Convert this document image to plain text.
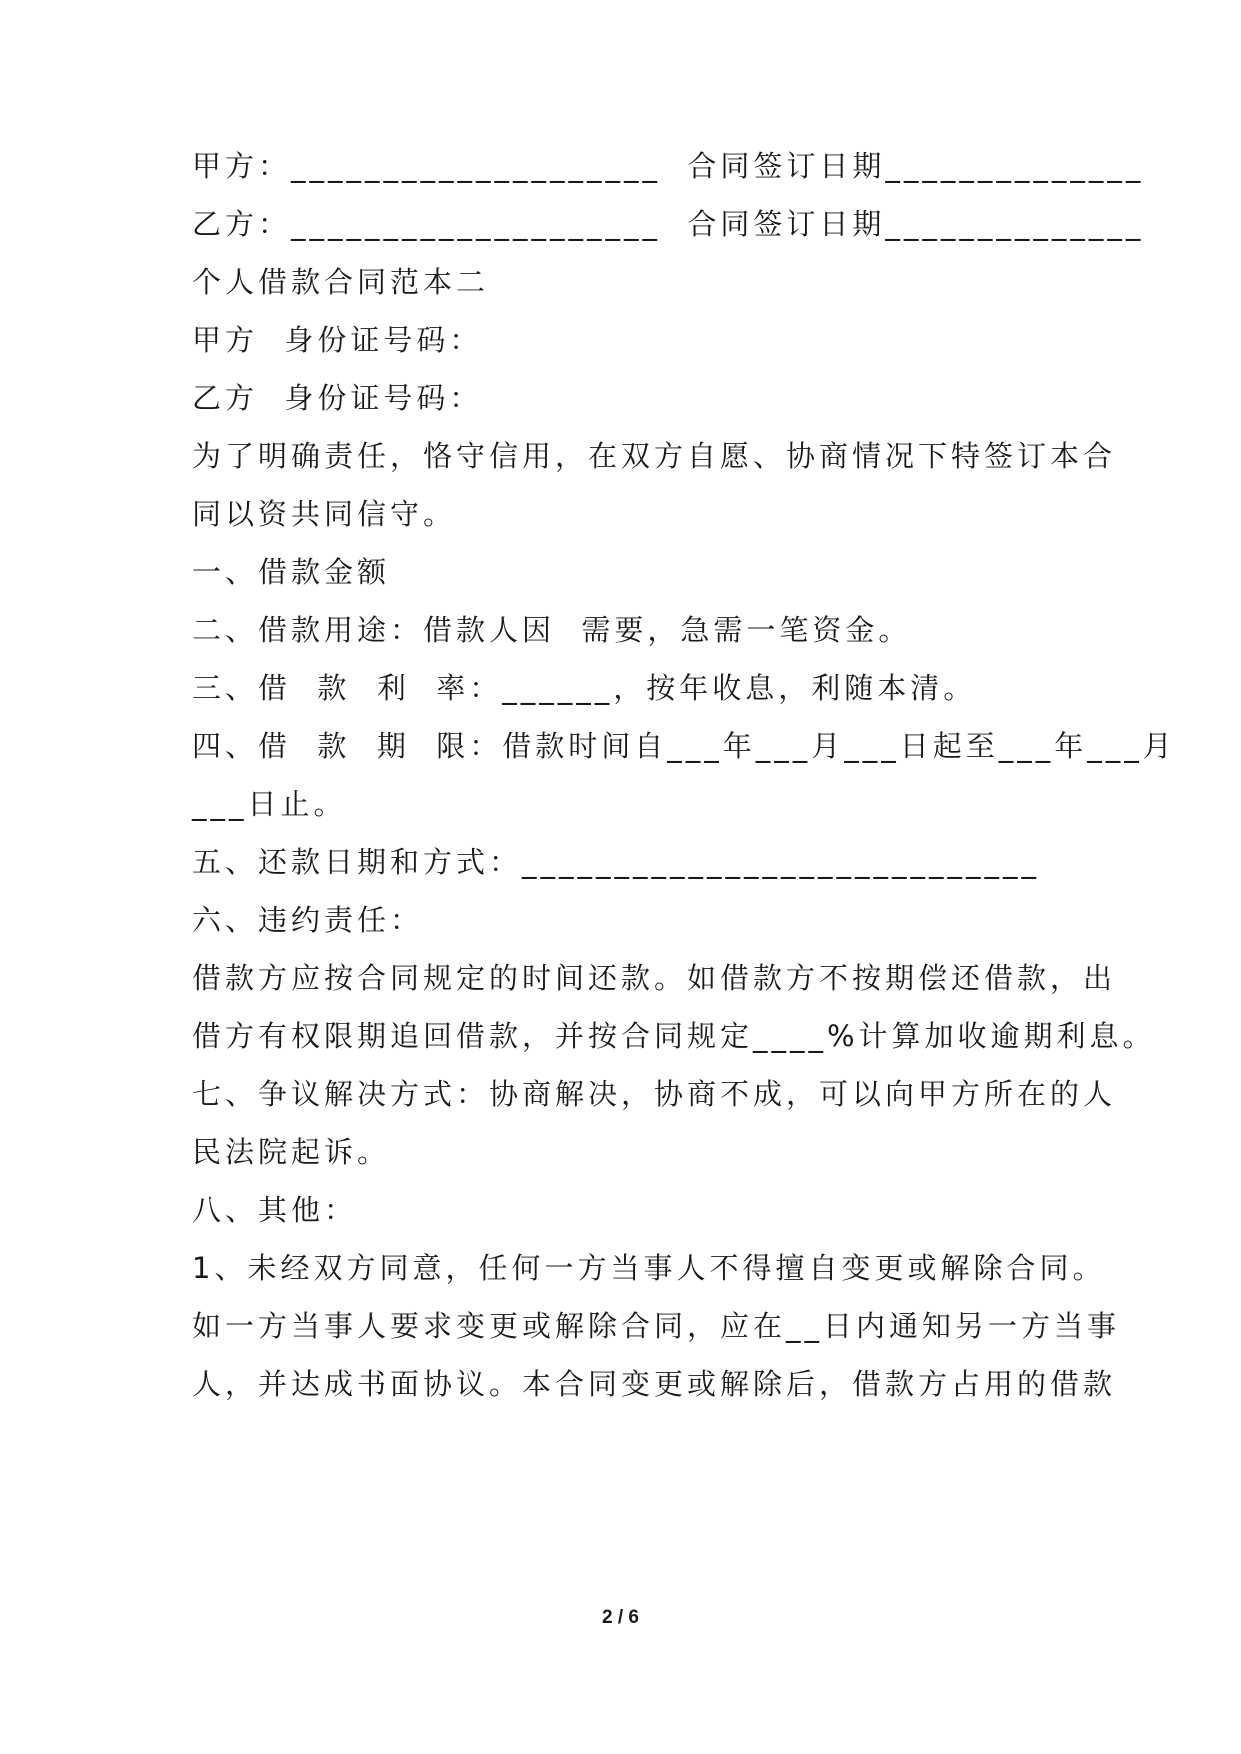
甲方：____________________  合同签订日期______________
乙方：____________________  合同签订日期______________
个人借款合同范本二
甲方  身份证号码：
乙方  身份证号码：
为了明确责任，恪守信用，在双方自愿、协商情况下特签订本合
同以资共同信守。
一、借款金额
二、借款用途：借款人因  需要，急需一笔资金。
三、借  款  利  率：______，按年收息，利随本清。
四、借  款  期  限：借款时间自___年___月___日起至___年___月
___日止。
五、还款日期和方式：____________________________
六、违约责任：
借款方应按合同规定的时间还款。如借款方不按期偿还借款，出
借方有权限期追回借款，并按合同规定____%计算加收逾期利息。
七、争议解决方式：协商解决，协商不成，可以向甲方所在的人
民法院起诉。
八、其他：
1、未经双方同意，任何一方当事人不得擅自变更或解除合同。
如一方当事人要求变更或解除合同，应在__日内通知另一方当事
人，并达成书面协议。本合同变更或解除后，借款方占用的借款
2 / 6
